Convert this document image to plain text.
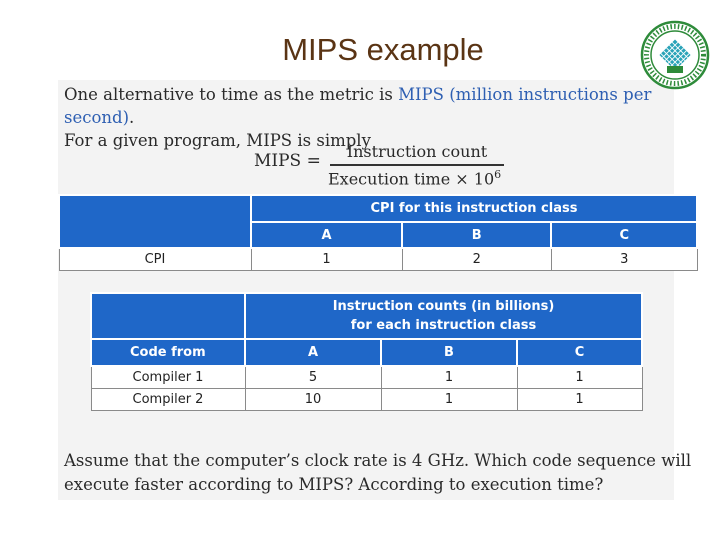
MIPS example
One alternative to time as the metric is MIPS (million instructions per second).
For a given program, MIPS is simply
MIPS =	Instruction count
Execution time × $10^6$
	CPI for this instruction class		
	A	B	C
CPI	1	2	3

	Instruction counts (in billions)
for each instruction class		

Code from	A	B	C
Compiler 1	5	1	1
Compiler 2	10	1	1
Assume that the computer’s clock rate is 4 GHz. Which code sequence will
execute faster according to MIPS? According to execution time?
